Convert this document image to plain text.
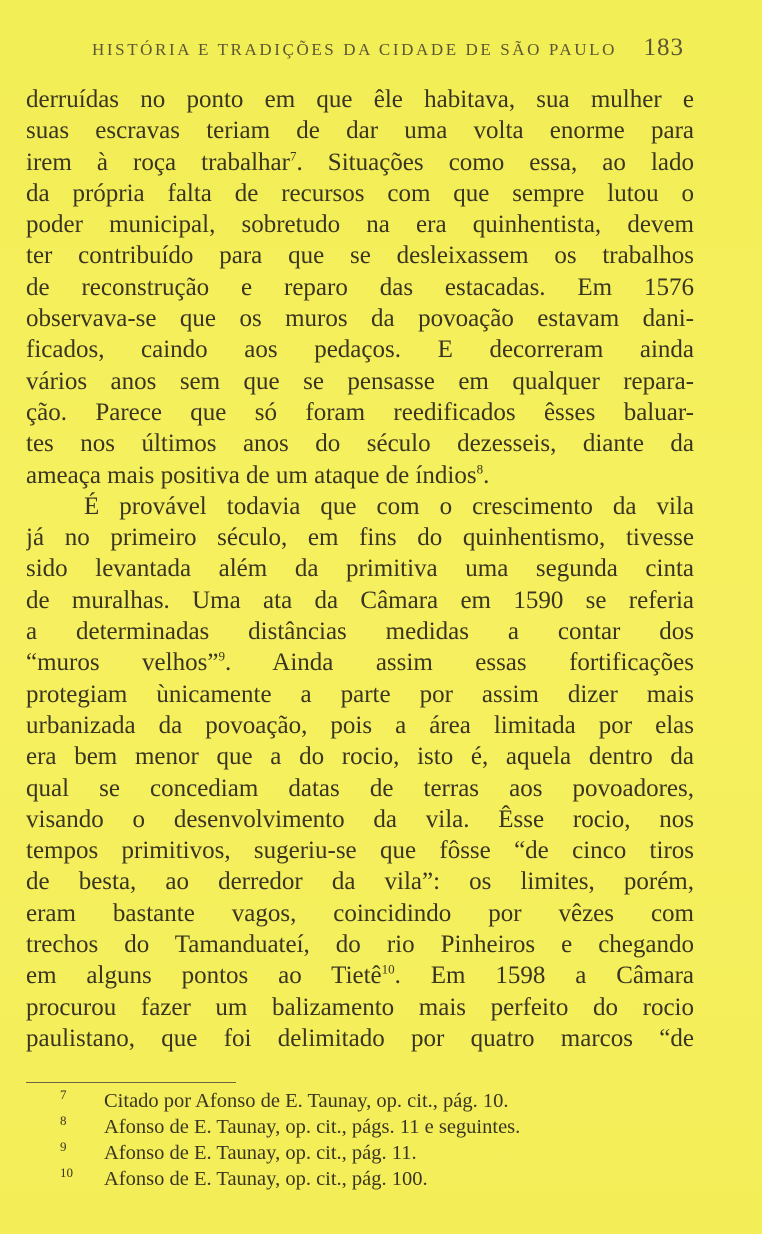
HISTÓRIA E TRADIÇÕES DA CIDADE DE SÃO PAULO 183
derruídas no ponto em que êle habitava, sua mulher e
suas escravas teriam de dar uma volta enorme para
irem à roça trabalhar$^7$. Situações como essa, ao lado
da própria falta de recursos com que sempre lutou o
poder municipal, sobretudo na era quinhentista, devem
ter contribuído para que se desleixassem os trabalhos
de reconstrução e reparo das estacadas. Em 1576
observava-se que os muros da povoação estavam dani-
ficados, caindo aos pedaços. E decorreram ainda
vários anos sem que se pensasse em qualquer repara-
ção. Parece que só foram reedificados êsses baluar-
tes nos últimos anos do século dezesseis, diante da
ameaça mais positiva de um ataque de índios$^8$.
É provável todavia que com o crescimento da vila
já no primeiro século, em fins do quinhentismo, tivesse
sido levantada além da primitiva uma segunda cinta
de muralhas. Uma ata da Câmara em 1590 se referia
a determinadas distâncias medidas a contar dos
“muros velhos”$^9$. Ainda assim essas fortificações
protegiam ùnicamente a parte por assim dizer mais
urbanizada da povoação, pois a área limitada por elas
era bem menor que a do rocio, isto é, aquela dentro da
qual se concediam datas de terras aos povoadores,
visando o desenvolvimento da vila. Êsse rocio, nos
tempos primitivos, sugeriu-se que fôsse “de cinco tiros
de besta, ao derredor da vila”: os limites, porém,
eram bastante vagos, coincidindo por vêzes com
trechos do Tamanduateí, do rio Pinheiros e chegando
em alguns pontos ao Tietê$^{10}$. Em 1598 a Câmara
procurou fazer um balizamento mais perfeito do rocio
paulistano, que foi delimitado por quatro marcos “de
7 Citado por Afonso de E. Taunay, op. cit., pág. 10.
8 Afonso de E. Taunay, op. cit., págs. 11 e seguintes.
9 Afonso de E. Taunay, op. cit., pág. 11.
10 Afonso de E. Taunay, op. cit., pág. 100.
